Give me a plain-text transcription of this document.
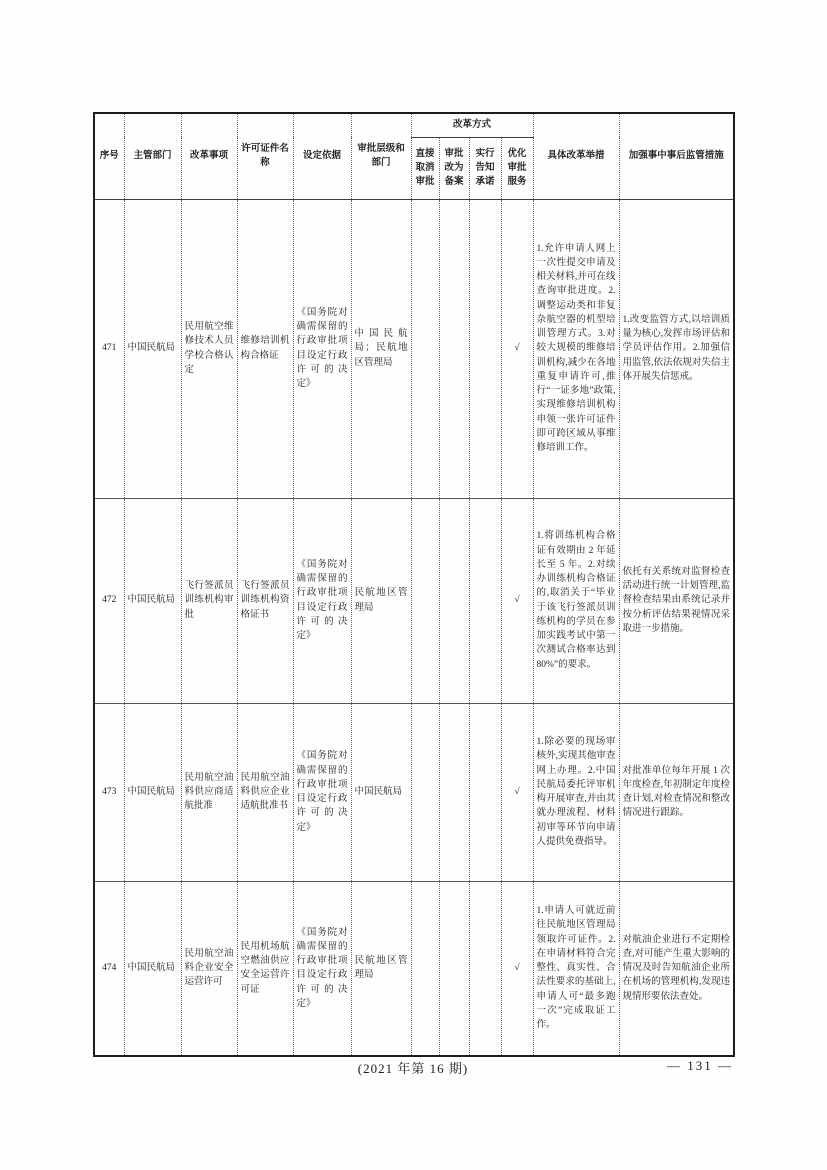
序号	主管部门	改革事项	许可证件名称	设定依据	审批层级和部门	改革方式				具体改革举措	加强事中事后监管措施
						直接取消审批	审批改为备案	实行告知承诺	优化审批服务		
471	中国民航局	民用航空维修技术人员学校合格认定	维修培训机构合格证	《国务院对确需保留的行政审批项目设定行政许可的决定》	中国民航局；民航地区管理局				√	1.允许申请人网上一次性提交申请及相关材料,并可在线查询审批进度。2.调整运动类和非复杂航空器的机型培训管理方式。3.对较大规模的维修培训机构,减少在各地重复申请许可,推行“一证多地”政策,实现维修培训机构申领一张许可证件即可跨区域从事维修培训工作。	1.改变监管方式,以培训质量为核心,发挥市场评估和学员评估作用。2.加强信用监管,依法依规对失信主体开展失信惩戒。
472	中国民航局	飞行签派员训练机构审批	飞行签派员训练机构资格证书	《国务院对确需保留的行政审批项目设定行政许可的决定》	民航地区管理局				√	1.将训练机构合格证有效期由 2 年延长至 5 年。2.对续办训练机构合格证的,取消关于“毕业于该飞行签派员训练机构的学员在参加实践考试中第一次测试合格率达到 80%”的要求。	依托有关系统对监督检查活动进行统一计划管理,监督检查结果由系统记录并按分析评估结果视情况采取进一步措施。
473	中国民航局	民用航空油料供应商适航批准	民用航空油料供应企业适航批准书	《国务院对确需保留的行政审批项目设定行政许可的决定》	中国民航局				√	1.除必要的现场审核外,实现其他审查网上办理。2.中国民航局委托评审机构开展审查,并由其就办理流程、材料初审等环节向申请人提供免费指导。	对批准单位每年开展 1 次年度检查,年初制定年度检查计划,对检查情况和整改情况进行跟踪。
474	中国民航局	民用航空油料企业安全运营许可	民用机场航空燃油供应安全运营许可证	《国务院对确需保留的行政审批项目设定行政许可的决定》	民航地区管理局				√	1.申请人可就近前往民航地区管理局领取许可证件。2.在申请材料符合完整性、真实性、合法性要求的基础上,申请人可“最多跑一次”完成取证工作。	对航油企业进行不定期检查,对可能产生重大影响的情况及时告知航油企业所在机场的管理机构,发现违规情形要依法查处。
(2021 年第 16 期)	— 131 —
